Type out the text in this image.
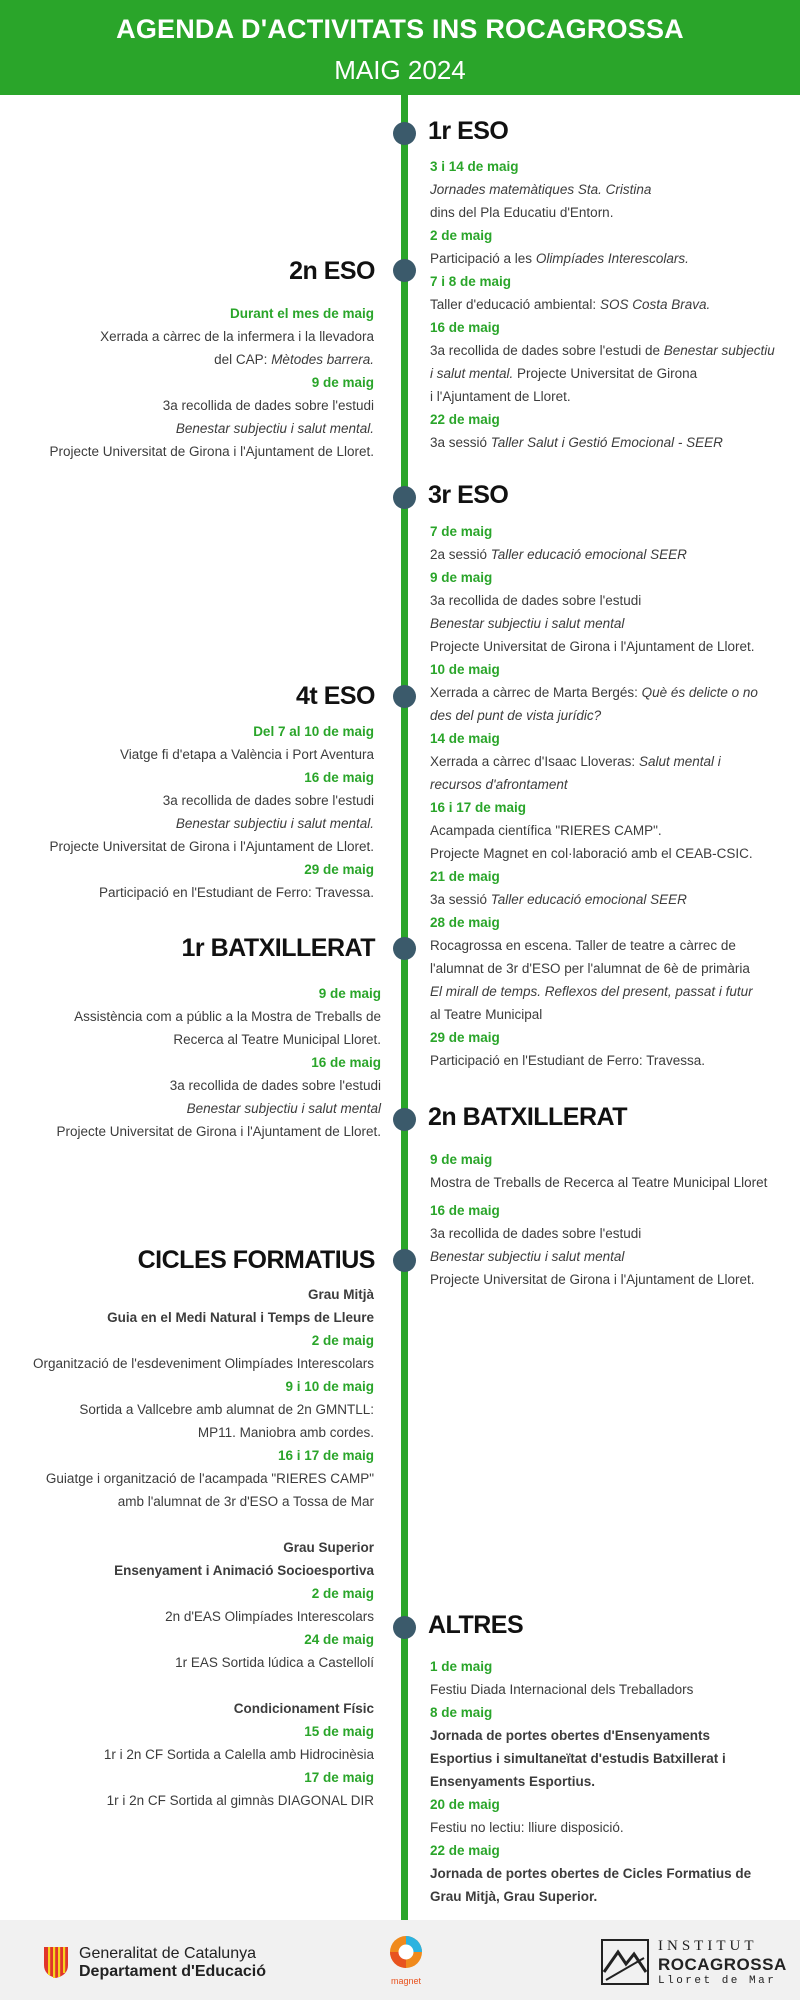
AGENDA D'ACTIVITATS INS ROCAGROSSA
MAIG 2024
1r ESO
3 i 14 de maig
Jornades matemàtiques Sta. Cristina
dins del Pla Educatiu d'Entorn.
2 de maig
Participació a les Olimpíades Interescolars.
7 i 8 de maig
Taller d'educació ambiental: SOS Costa Brava.
16 de maig
3a recollida de dades sobre l'estudi de Benestar subjectiu
i salut mental. Projecte Universitat de Girona
i l'Ajuntament de Lloret.
22 de maig
3a sessió Taller Salut i Gestió Emocional - SEER
2n ESO
Durant el mes de maig
Xerrada a càrrec de la infermera i la llevadora
del CAP: Mètodes barrera.
9 de maig
3a recollida de dades sobre l'estudi
Benestar subjectiu i salut mental.
Projecte Universitat de Girona i l'Ajuntament de Lloret.
3r ESO
7 de maig
2a sessió Taller educació emocional SEER
9 de maig
3a recollida de dades sobre l'estudi
Benestar subjectiu i salut mental
Projecte Universitat de Girona i l'Ajuntament de Lloret.
10 de maig
Xerrada a càrrec de Marta Bergés: Què és delicte o no
des del punt de vista jurídic?
14 de maig
Xerrada a càrrec d'Isaac Lloveras: Salut mental i
recursos d'afrontament
16 i 17 de maig
Acampada científica "RIERES CAMP".
Projecte Magnet en col·laboració amb el CEAB-CSIC.
21 de maig
3a sessió Taller educació emocional SEER
28 de maig
Rocagrossa en escena. Taller de teatre a càrrec de
l'alumnat de 3r d'ESO per l'alumnat de 6è de primària
El mirall de temps. Reflexos del present, passat i futur
al Teatre Municipal
29 de maig
Participació en l'Estudiant de Ferro: Travessa.
4t ESO
Del 7 al 10 de maig
Viatge fi d'etapa a València i Port Aventura
16 de maig
3a recollida de dades sobre l'estudi
Benestar subjectiu i salut mental.
Projecte Universitat de Girona i l'Ajuntament de Lloret.
29 de maig
Participació en l'Estudiant de Ferro: Travessa.
1r BATXILLERAT
9 de maig
Assistència com a públic a la Mostra de Treballs de
Recerca al Teatre Municipal Lloret.
16 de maig
3a recollida de dades sobre l'estudi
Benestar subjectiu i salut mental
Projecte Universitat de Girona i l'Ajuntament de Lloret.
2n BATXILLERAT
9 de maig
Mostra de Treballs de Recerca al Teatre Municipal Lloret
16 de maig
3a recollida de dades sobre l'estudi
Benestar subjectiu i salut mental
Projecte Universitat de Girona i l'Ajuntament de Lloret.
CICLES FORMATIUS
Grau Mitjà
Guia en el Medi Natural i Temps de Lleure
2 de maig
Organització de l'esdeveniment Olimpíades Interescolars
9 i 10 de maig
Sortida a Vallcebre amb alumnat de 2n GMNTLL:
MP11. Maniobra amb cordes.
16 i 17 de maig
Guiatge i organització de l'acampada "RIERES CAMP"
amb l'alumnat de 3r d'ESO a Tossa de Mar
Grau Superior
Ensenyament i Animació Socioesportiva
2 de maig
2n d'EAS Olimpíades Interescolars
24 de maig
1r EAS Sortida lúdica a Castellolí
Condicionament Físic
15 de maig
1r i 2n CF Sortida a Calella amb Hidrocinèsia
17 de maig
1r i 2n CF Sortida al gimnàs DIAGONAL DIR
ALTRES
1 de maig
Festiu Diada Internacional dels Treballadors
8 de maig
Jornada de portes obertes d'Ensenyaments
Esportius i simultaneïtat d'estudis Batxillerat i
Ensenyaments Esportius.
20 de maig
Festiu no lectiu: lliure disposició.
22 de maig
Jornada de portes obertes de Cicles Formatius de
Grau Mitjà, Grau Superior.
Generalitat de Catalunya
Departament d'Educació
magnet
INSTITUT
ROCAGROSSA
Lloret de Mar
